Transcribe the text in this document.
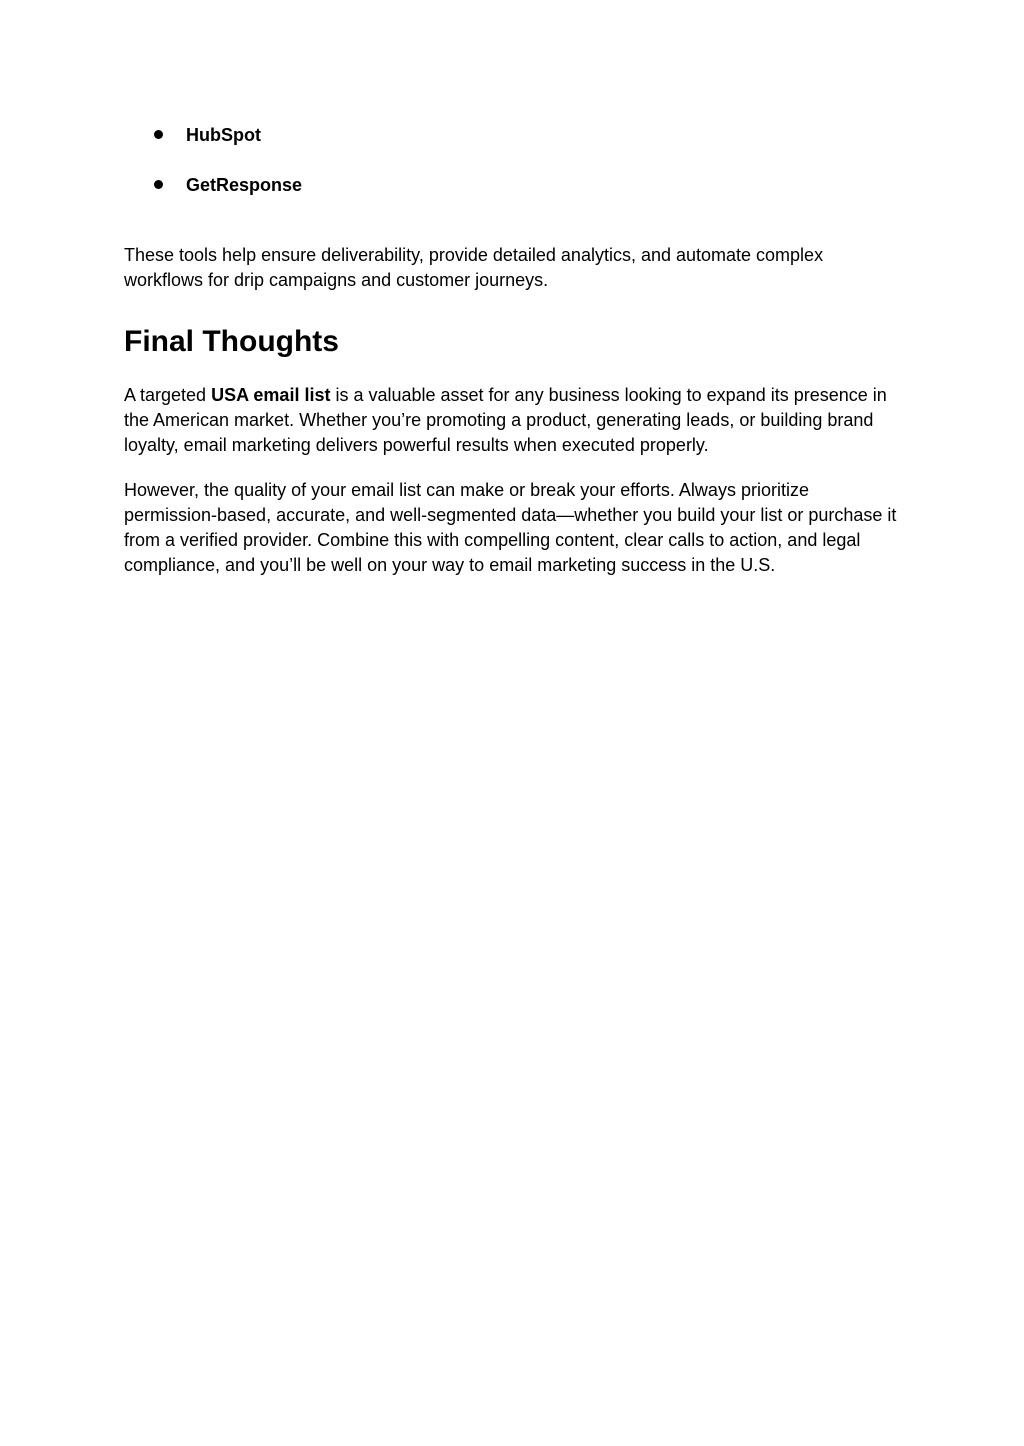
HubSpot
GetResponse

These tools help ensure deliverability, provide detailed analytics, and automate complex workflows for drip campaigns and customer journeys.

Final Thoughts

A targeted USA email list is a valuable asset for any business looking to expand its presence in the American market. Whether you’re promoting a product, generating leads, or building brand loyalty, email marketing delivers powerful results when executed properly.

However, the quality of your email list can make or break your efforts. Always prioritize permission-based, accurate, and well-segmented data—whether you build your list or purchase it from a verified provider. Combine this with compelling content, clear calls to action, and legal compliance, and you’ll be well on your way to email marketing success in the U.S.
